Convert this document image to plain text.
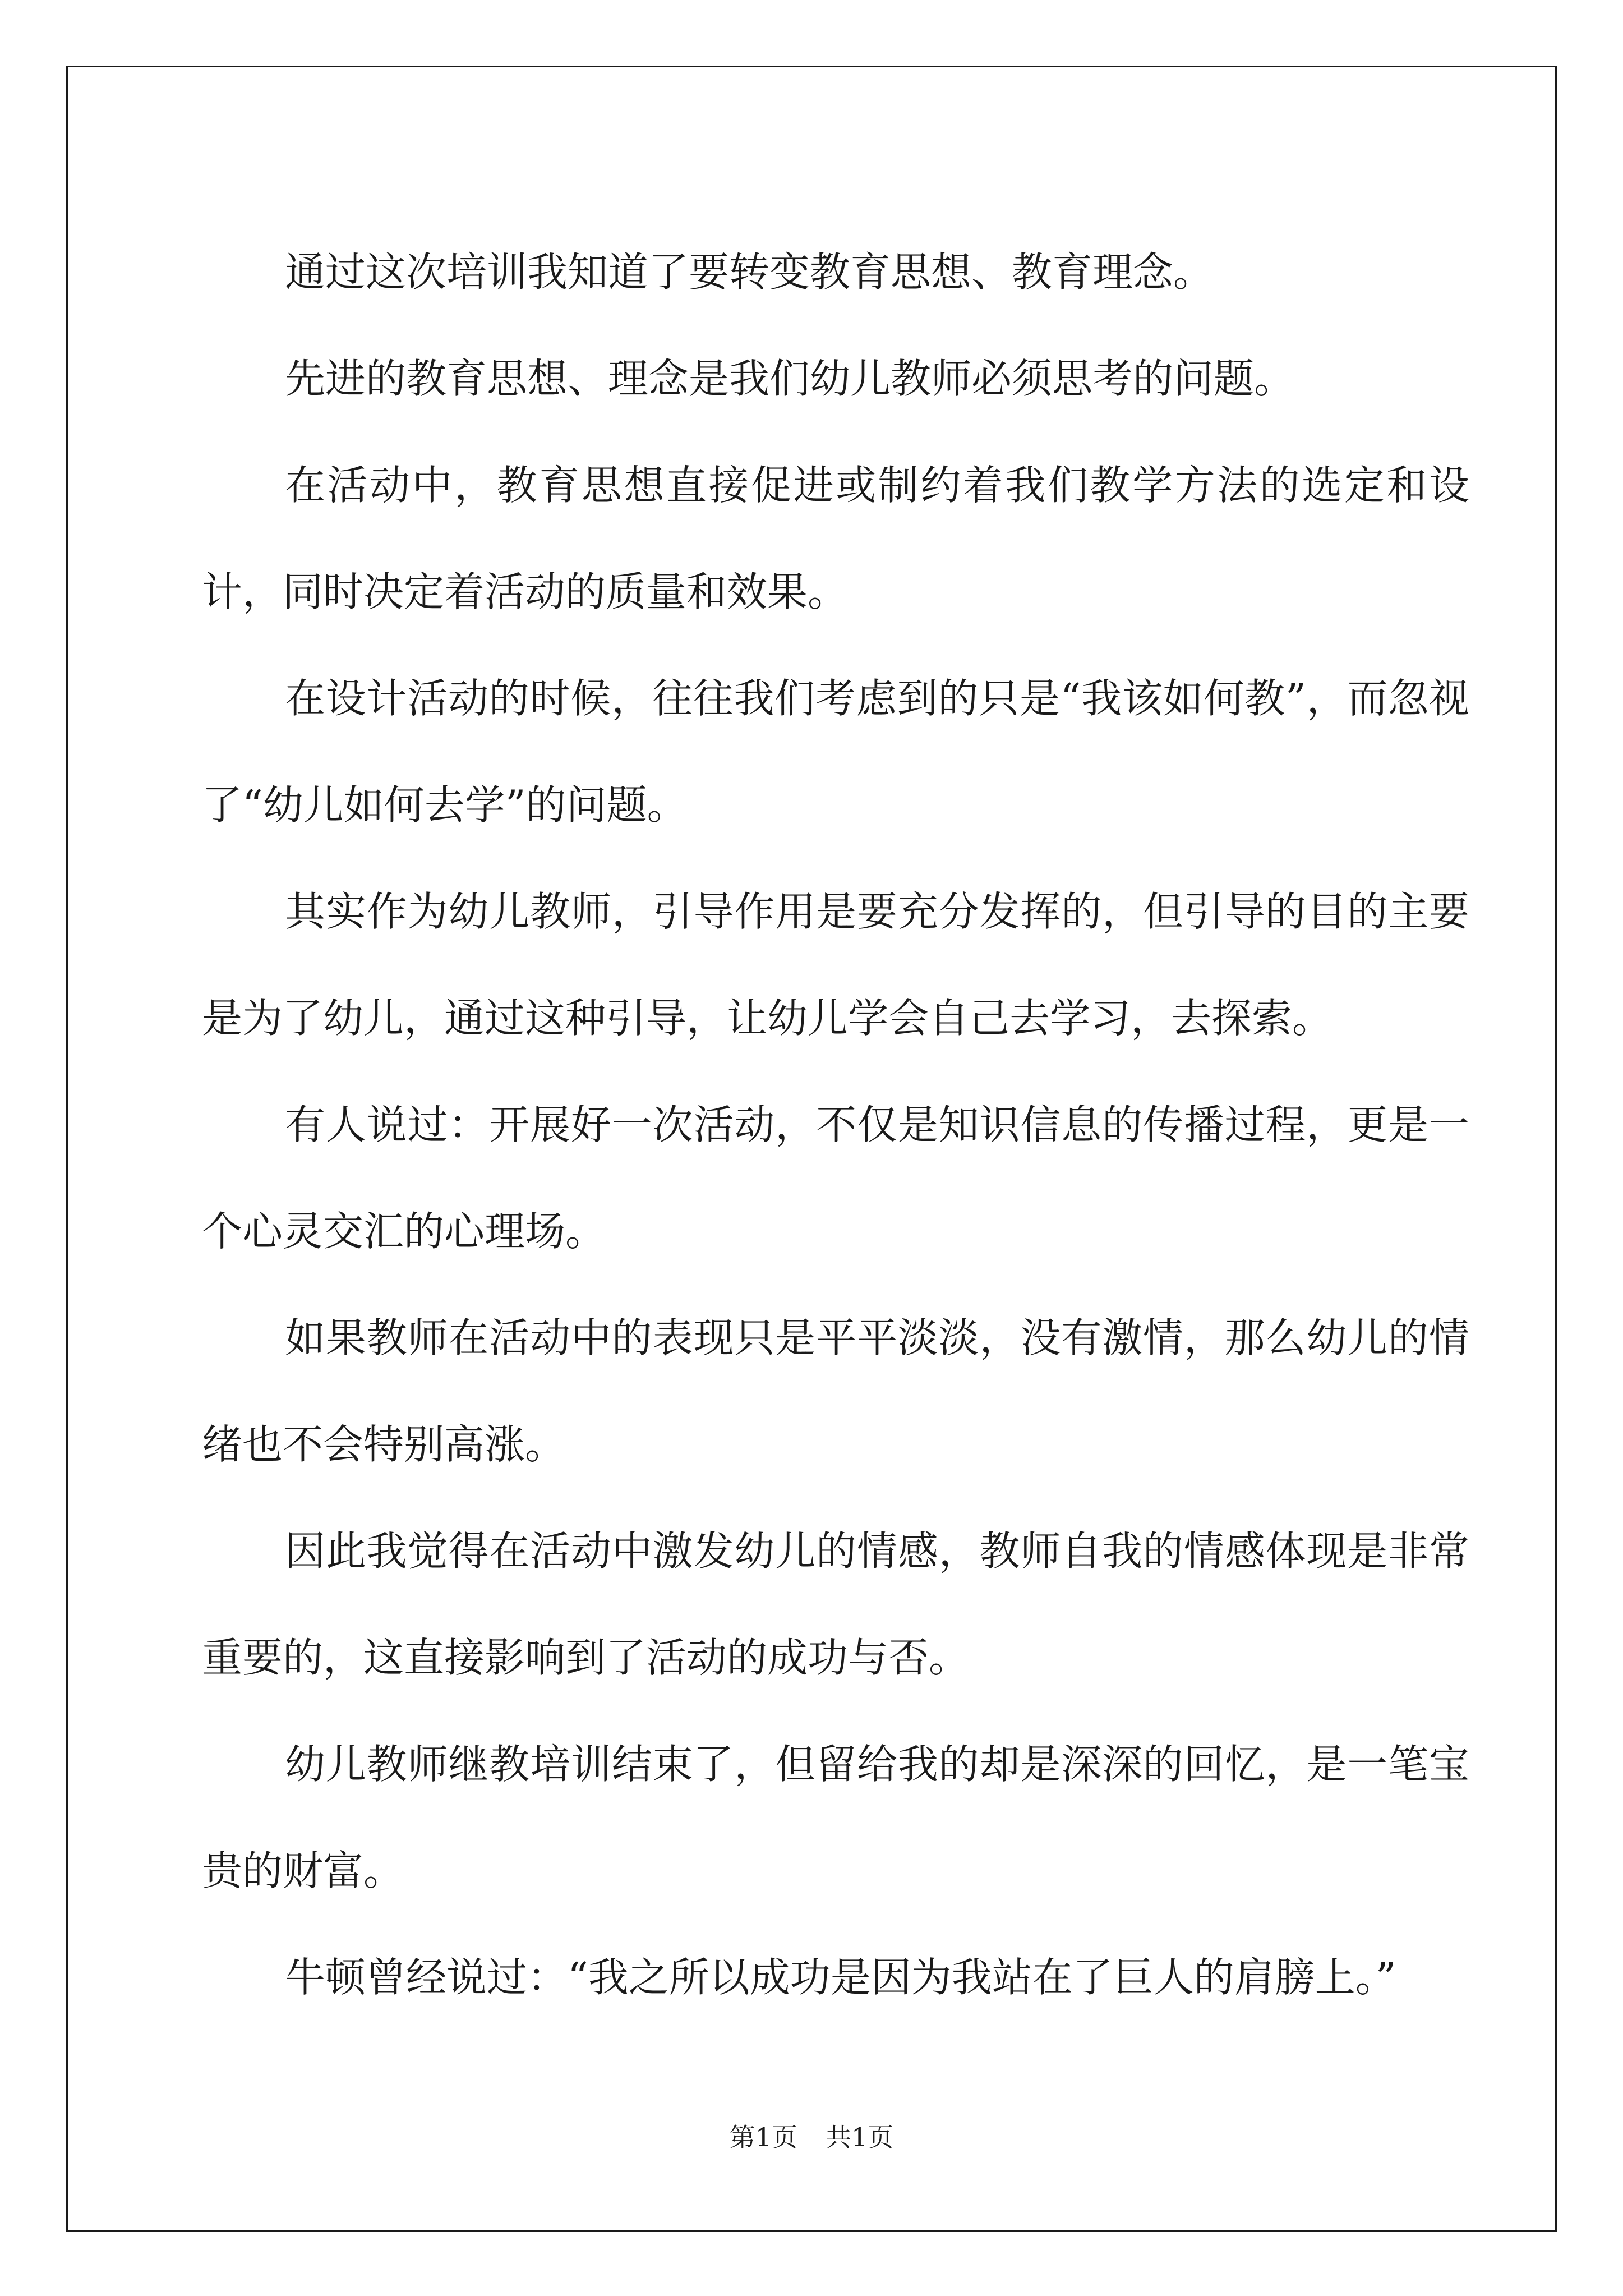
通过这次培训我知道了要转变教育思想、教育理念。

先进的教育思想、理念是我们幼儿教师必须思考的问题。

在活动中，教育思想直接促进或制约着我们教学方法的选定和设计，同时决定着活动的质量和效果。

在设计活动的时候，往往我们考虑到的只是“我该如何教”，而忽视了“幼儿如何去学”的问题。

其实作为幼儿教师，引导作用是要充分发挥的，但引导的目的主要是为了幼儿，通过这种引导，让幼儿学会自己去学习，去探索。

有人说过：开展好一次活动，不仅是知识信息的传播过程，更是一个心灵交汇的心理场。

如果教师在活动中的表现只是平平淡淡，没有激情，那么幼儿的情绪也不会特别高涨。

因此我觉得在活动中激发幼儿的情感，教师自我的情感体现是非常重要的，这直接影响到了活动的成功与否。

幼儿教师继教培训结束了，但留给我的却是深深的回忆，是一笔宝贵的财富。

牛顿曾经说过：“我之所以成功是因为我站在了巨人的肩膀上。”

第1页 共1页
